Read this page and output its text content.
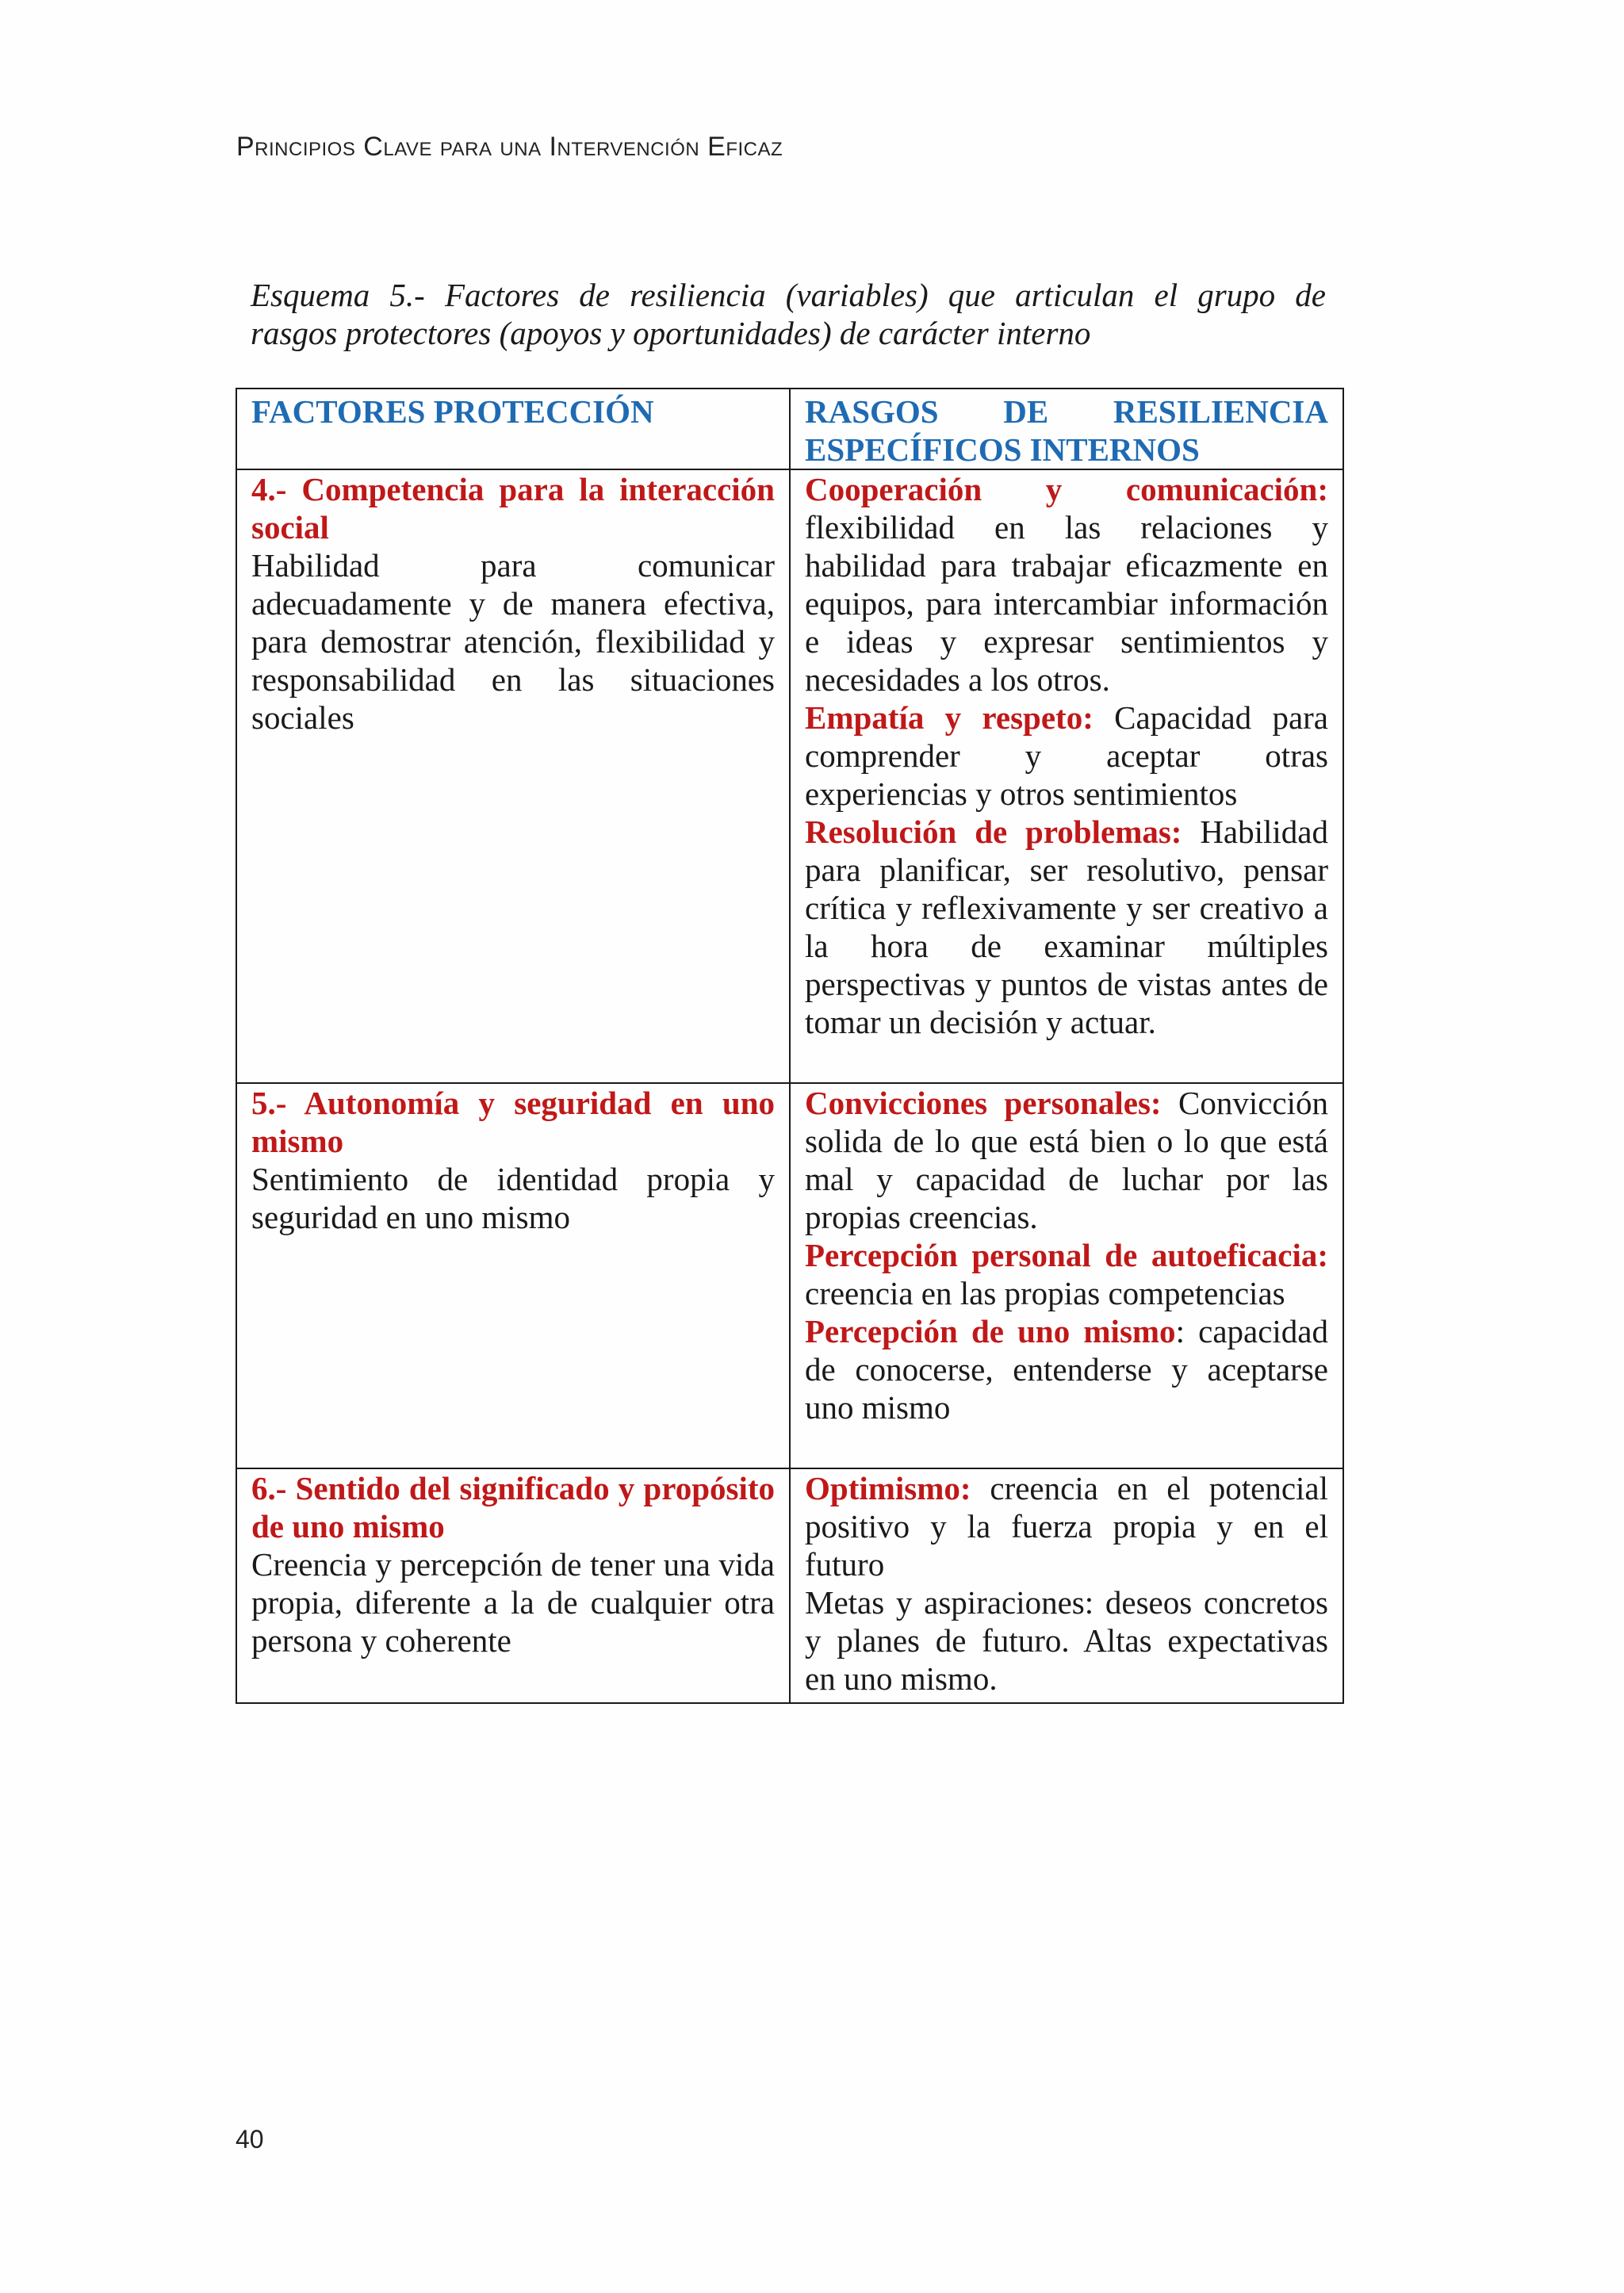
Principios Clave para una Intervención Eficaz
Esquema 5.- Factores de resiliencia (variables) que articulan el grupo de
rasgos protectores (apoyos y oportunidades) de carácter interno
FACTORES PROTECCIÓN	RASGOS DE RESILIENCIA
ESPECÍFICOS INTERNOS

4.- Competencia para la interacción social
Habilidad para comunicar adecuadamente y de manera efectiva, para demostrar atención, flexibilidad y responsabilidad en las situaciones sociales	Cooperación y comunicación: flexibilidad en las relaciones y habilidad para trabajar eficazmente en equipos, para intercambiar información e ideas y expresar sentimientos y necesidades a los otros.
Empatía y respeto: Capacidad para comprender y aceptar otras experiencias y otros sentimientos
Resolución de problemas: Habilidad para planificar, ser resolutivo, pensar crítica y reflexivamente y ser creativo a la hora de examinar múltiples perspectivas y puntos de vistas antes de tomar un decisión y actuar.

5.- Autonomía y seguridad en uno mismo
Sentimiento de identidad propia y seguridad en uno mismo	Convicciones personales: Convicción solida de lo que está bien o lo que está mal y capacidad de luchar por las propias creencias.
Percepción personal de autoeficacia: creencia en las propias competencias
Percepción de uno mismo: capacidad de conocerse, entenderse y aceptarse uno mismo

6.- Sentido del significado y propósito de uno mismo
Creencia y percepción de tener una vida propia, diferente a la de cualquier otra persona y coherente	Optimismo: creencia en el potencial positivo y la fuerza propia y en el futuro
Metas y aspiraciones: deseos concretos y planes de futuro. Altas expectativas en uno mismo.
40
